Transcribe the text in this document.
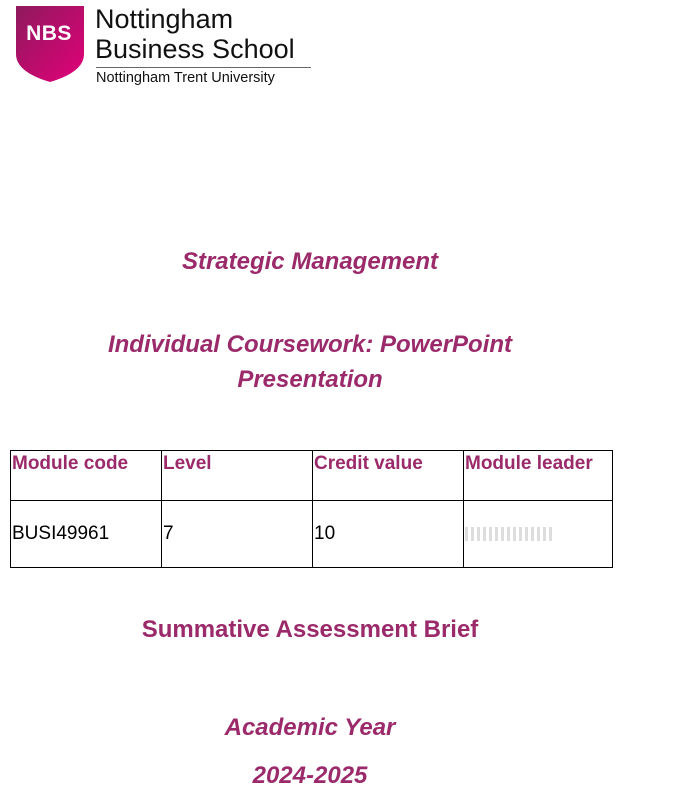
NBS Nottingham
Business School
Nottingham Trent University
Strategic Management
Individual Coursework: PowerPoint
Presentation
Module code	Level	Credit value	Module leader
BUSI49961	7	10	
Summative Assessment Brief
Academic Year
2024-2025
